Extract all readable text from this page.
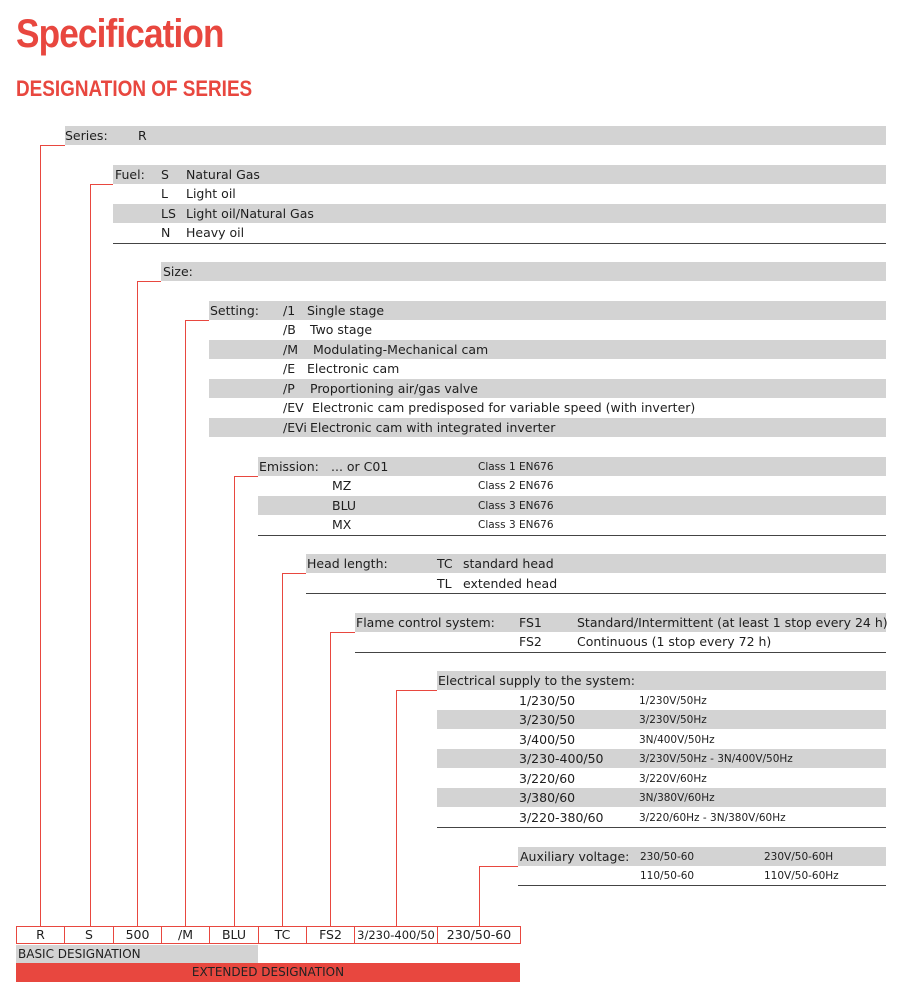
Specification
DESIGNATION OF SERIES
Series: R
Fuel: S Natural Gas
L Light oil
LS Light oil/Natural Gas
N Heavy oil
Size:
Setting: /1 Single stage
/B Two stage
/M Modulating-Mechanical cam
/E Electronic cam
/P Proportioning air/gas valve
/EV Electronic cam predisposed for variable speed (with inverter)
/EVi Electronic cam with integrated inverter
Emission: ... or C01	Class 1 EN676
MZ	Class 2 EN676
BLU	Class 3 EN676
MX	Class 3 EN676
Head length:	TC standard head
TL extended head
Flame control system: FS1	Standard/Intermittent (at least 1 stop every 24 h)
FS2	Continuous (1 stop every 72 h)
Electrical supply to the system:
1/230/50	1/230V/50Hz
3/230/50	3/230V/50Hz
3/400/50	3N/400V/50Hz
3/230-400/50	3/230V/50Hz - 3N/400V/50Hz
3/220/60	3/220V/60Hz
3/380/60	3N/380V/60Hz
3/220-380/60	3/220/60Hz - 3N/380V/60Hz
Auxiliary voltage: 230/50-60	230V/50-60H
110/50-60	110V/50-60Hz
R	S	500	/M	BLU	TC	FS2	3/230-400/50 230/50-60
BASIC DESIGNATION
EXTENDED DESIGNATION
